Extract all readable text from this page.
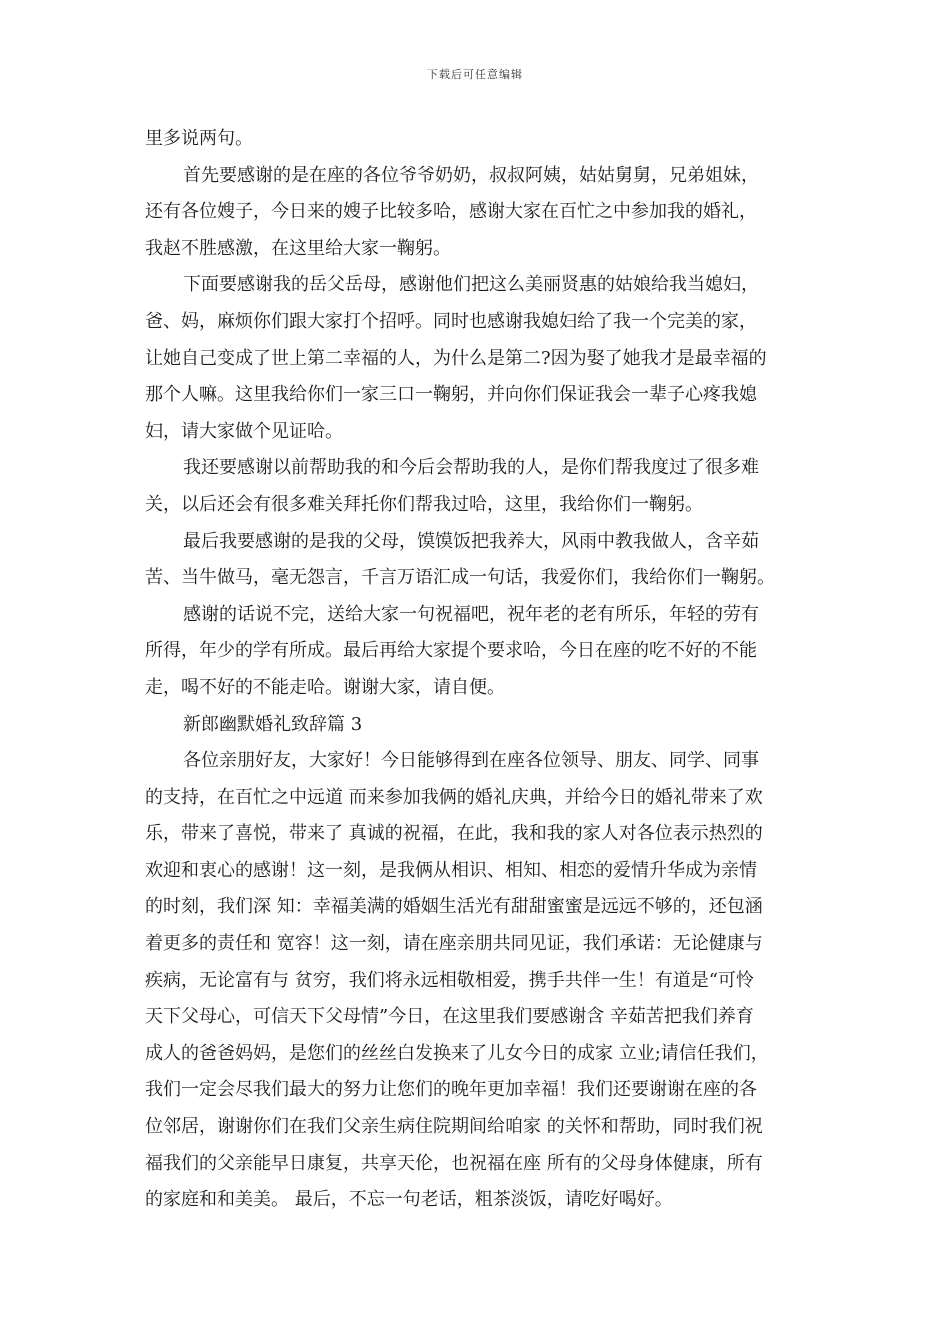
下载后可任意编辑
里多说两句。
首先要感谢的是在座的各位爷爷奶奶，叔叔阿姨，姑姑舅舅，兄弟姐妹，
还有各位嫂子，今日来的嫂子比较多哈，感谢大家在百忙之中参加我的婚礼，
我赵不胜感激，在这里给大家一鞠躬。
下面要感谢我的岳父岳母，感谢他们把这么美丽贤惠的姑娘给我当媳妇，
爸、妈，麻烦你们跟大家打个招呼。同时也感谢我媳妇给了我一个完美的家，
让她自己变成了世上第二幸福的人，为什么是第二?因为娶了她我才是最幸福的
那个人嘛。这里我给你们一家三口一鞠躬，并向你们保证我会一辈子心疼我媳
妇，请大家做个见证哈。
我还要感谢以前帮助我的和今后会帮助我的人，是你们帮我度过了很多难
关，以后还会有很多难关拜托你们帮我过哈，这里，我给你们一鞠躬。
最后我要感谢的是我的父母，馍馍饭把我养大，风雨中教我做人，含辛茹
苦、当牛做马，毫无怨言，千言万语汇成一句话，我爱你们，我给你们一鞠躬。
感谢的话说不完，送给大家一句祝福吧，祝年老的老有所乐，年轻的劳有
所得，年少的学有所成。最后再给大家提个要求哈，今日在座的吃不好的不能
走，喝不好的不能走哈。谢谢大家，请自便。
新郎幽默婚礼致辞篇 3
各位亲朋好友，大家好！今日能够得到在座各位领导、朋友、同学、同事
的支持，在百忙之中远道 而来参加我俩的婚礼庆典，并给今日的婚礼带来了欢
乐，带来了喜悦，带来了 真诚的祝福，在此，我和我的家人对各位表示热烈的
欢迎和衷心的感谢！这一刻，是我俩从相识、相知、相恋的爱情升华成为亲情
的时刻，我们深 知：幸福美满的婚姻生活光有甜甜蜜蜜是远远不够的，还包涵
着更多的责任和 宽容！这一刻，请在座亲朋共同见证，我们承诺：无论健康与
疾病，无论富有与 贫穷，我们将永远相敬相爱，携手共伴一生！有道是“可怜
天下父母心，可信天下父母情”今日，在这里我们要感谢含 辛茹苦把我们养育
成人的爸爸妈妈，是您们的丝丝白发换来了儿女今日的成家 立业;请信任我们，
我们一定会尽我们最大的努力让您们的晚年更加幸福！我们还要谢谢在座的各
位邻居，谢谢你们在我们父亲生病住院期间给咱家 的关怀和帮助，同时我们祝
福我们的父亲能早日康复，共享天伦，也祝福在座 所有的父母身体健康，所有
的家庭和和美美。 最后，不忘一句老话，粗茶淡饭，请吃好喝好。
